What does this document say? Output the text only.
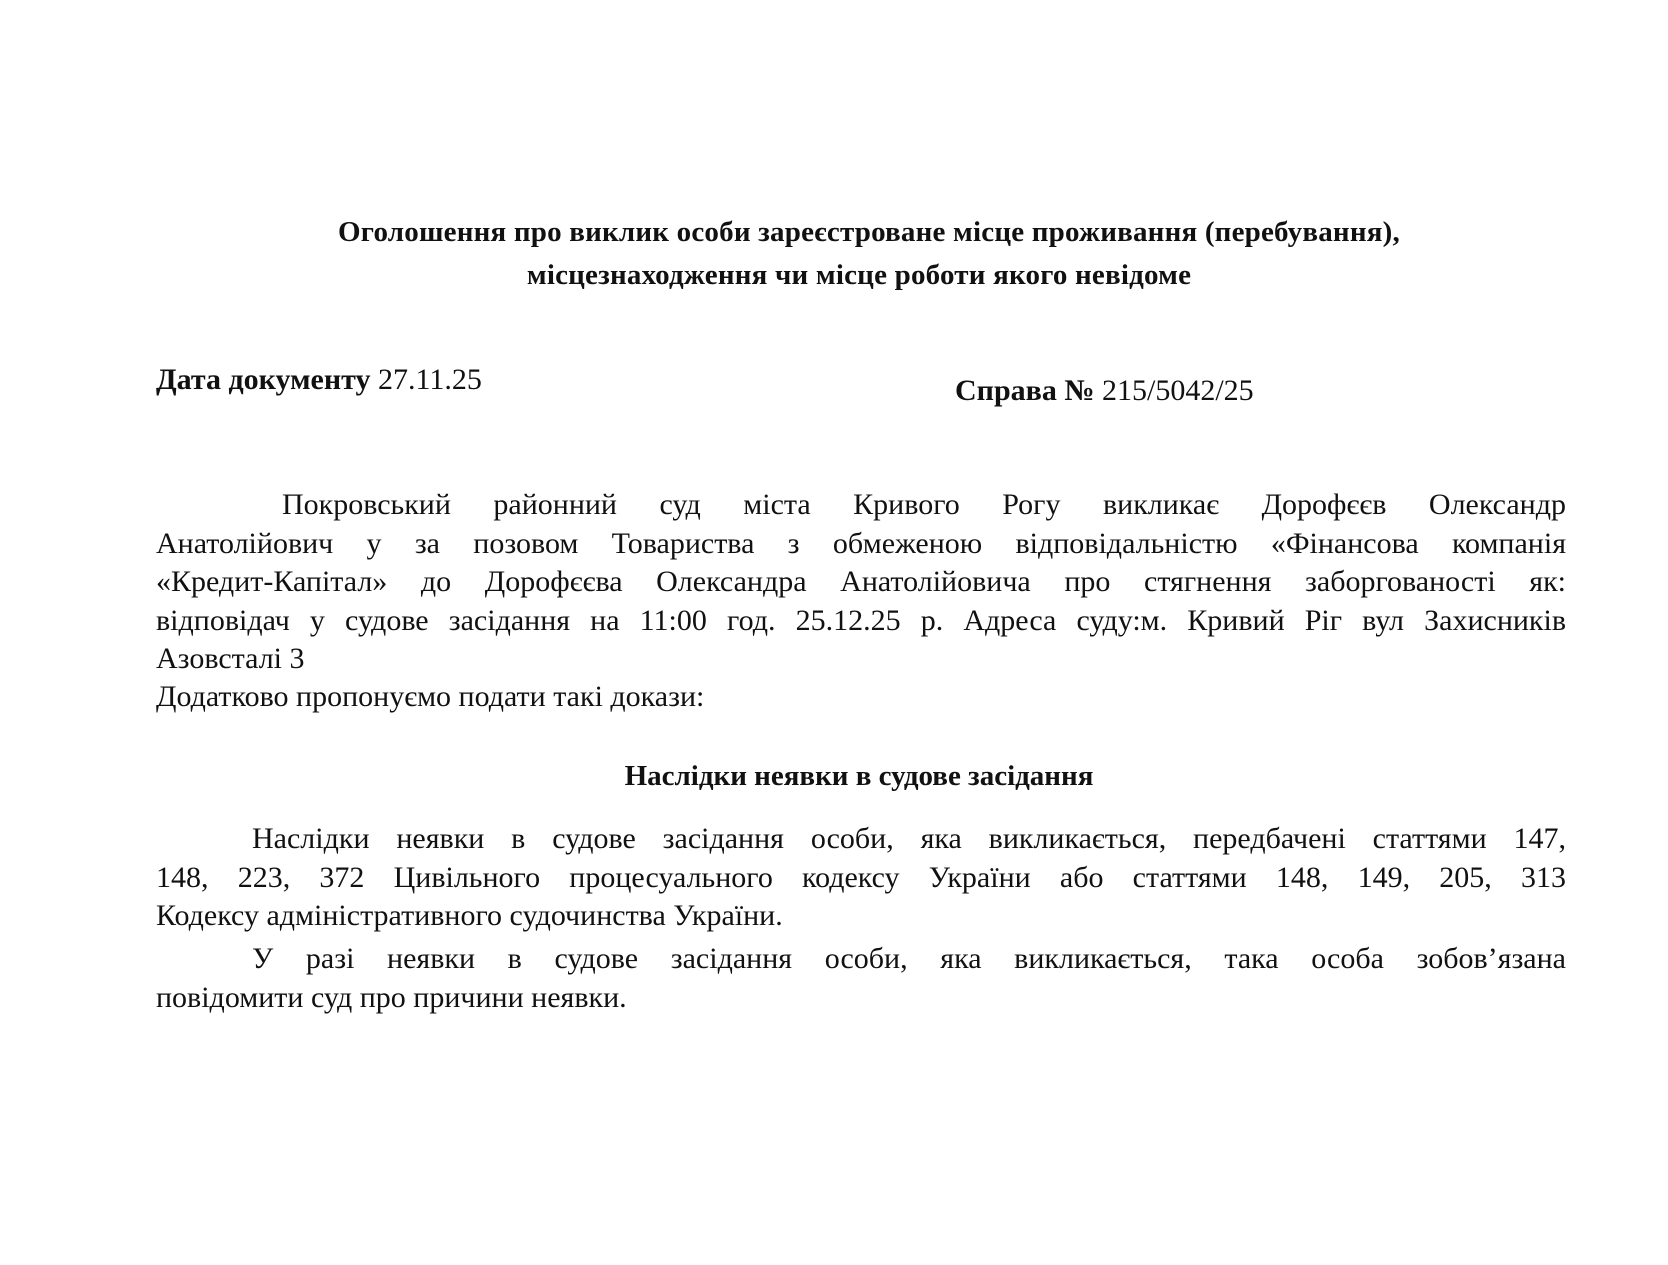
Оголошення про виклик особи зареєстроване місце проживання (перебування),
місцезнаходження чи місце роботи якого невідоме
Дата документу 27.11.25	Справа № 215/5042/25
Покровський районний суд міста Кривого Рогу викликає Дорофєєв Олександр
Анатолійович у за позовом Товариства з обмеженою відповідальністю «Фінансова компанія
«Кредит-Капітал» до Дорофєєва Олександра Анатолійовича про стягнення заборгованості як:
відповідач у судове засідання на 11:00 год. 25.12.25 р. Адреса суду:м. Кривий Ріг вул Захисників
Азовсталі 3
Додатково пропонуємо подати такі докази:
Наслідки неявки в судове засідання
Наслідки неявки в судове засідання особи, яка викликається, передбачені статтями 147,
148, 223, 372 Цивільного процесуального кодексу України або статтями 148, 149, 205, 313
Кодексу адміністративного судочинства України.
У разі неявки в судове засідання особи, яка викликається, така особа зобов’язана
повідомити суд про причини неявки.
